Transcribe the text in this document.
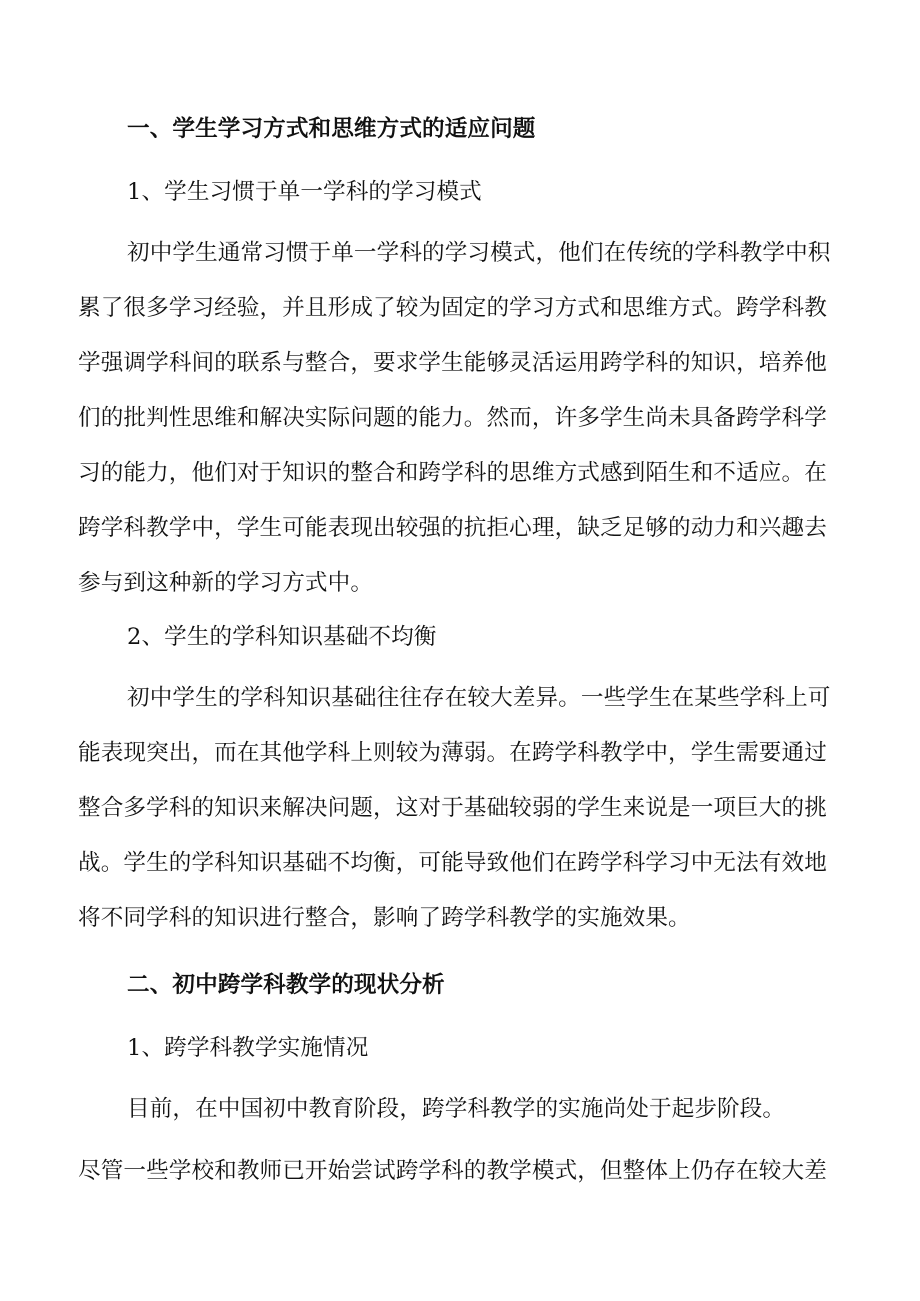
一、学生学习方式和思维方式的适应问题
1、学生习惯于单一学科的学习模式
初中学生通常习惯于单一学科的学习模式，他们在传统的学科教学中积
累了很多学习经验，并且形成了较为固定的学习方式和思维方式。跨学科教
学强调学科间的联系与整合，要求学生能够灵活运用跨学科的知识，培养他
们的批判性思维和解决实际问题的能力。然而，许多学生尚未具备跨学科学
习的能力，他们对于知识的整合和跨学科的思维方式感到陌生和不适应。在
跨学科教学中，学生可能表现出较强的抗拒心理，缺乏足够的动力和兴趣去
参与到这种新的学习方式中。
2、学生的学科知识基础不均衡
初中学生的学科知识基础往往存在较大差异。一些学生在某些学科上可
能表现突出，而在其他学科上则较为薄弱。在跨学科教学中，学生需要通过
整合多学科的知识来解决问题，这对于基础较弱的学生来说是一项巨大的挑
战。学生的学科知识基础不均衡，可能导致他们在跨学科学习中无法有效地
将不同学科的知识进行整合，影响了跨学科教学的实施效果。
二、初中跨学科教学的现状分析
1、跨学科教学实施情况
目前，在中国初中教育阶段，跨学科教学的实施尚处于起步阶段。
尽管一些学校和教师已开始尝试跨学科的教学模式，但整体上仍存在较大差
